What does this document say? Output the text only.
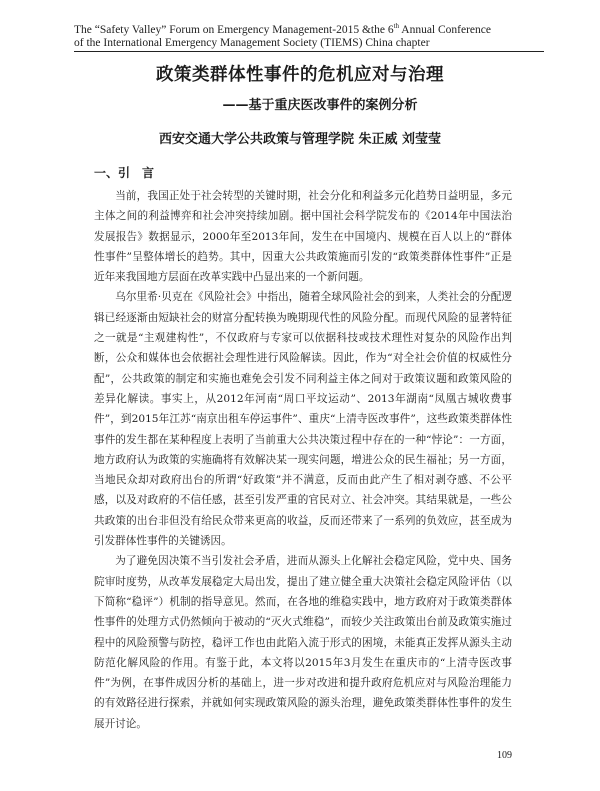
The “Safety Valley” Forum on Emergency Management-2015 &the 6th Annual Conference
of the International Emergency Management Society (TIEMS) China chapter
政策类群体性事件的危机应对与治理
——基于重庆医改事件的案例分析
西安交通大学公共政策与管理学院 朱正威 刘莹莹
一、引　言

当前，我国正处于社会转型的关键时期，社会分化和利益多元化趋势日益明显，多元主体之间的利益博弈和社会冲突持续加剧。据中国社会科学院发布的《2014年中国法治发展报告》数据显示，2000年至2013年间，发生在中国境内、规模在百人以上的“群体性事件”呈整体增长的趋势。其中，因重大公共政策施而引发的“政策类群体性事件”正是近年来我国地方层面在改革实践中凸显出来的一个新问题。

乌尔里希·贝克在《风险社会》中指出，随着全球风险社会的到来，人类社会的分配逻辑已经逐渐由短缺社会的财富分配转换为晚期现代性的风险分配。而现代风险的显著特征之一就是“主观建构性”，不仅政府与专家可以依据科技或技术理性对复杂的风险作出判断，公众和媒体也会依据社会理性进行风险解读。因此，作为“对全社会价值的权威性分配”，公共政策的制定和实施也难免会引发不同利益主体之间对于政策议题和政策风险的差异化解读。事实上，从2012年河南“周口平坟运动”、2013年湖南“凤凰古城收费事件”，到2015年江苏“南京出租车停运事件”、重庆“上清寺医改事件”，这些政策类群体性事件的发生都在某种程度上表明了当前重大公共决策过程中存在的一种“悖论”：一方面，地方政府认为政策的实施确将有效解决某一现实问题，增进公众的民生福祉；另一方面，当地民众却对政府出台的所谓“好政策”并不满意，反而由此产生了相对剥夺感、不公平感，以及对政府的不信任感，甚至引发严重的官民对立、社会冲突。其结果就是，一些公共政策的出台非但没有给民众带来更高的收益，反而还带来了一系列的负效应，甚至成为引发群体性事件的关键诱因。

为了避免因决策不当引发社会矛盾，进而从源头上化解社会稳定风险，党中央、国务院审时度势，从改革发展稳定大局出发，提出了建立健全重大决策社会稳定风险评估（以下简称“稳评”）机制的指导意见。然而，在各地的维稳实践中，地方政府对于政策类群体性事件的处理方式仍然倾向于被动的“灭火式维稳”，而较少关注政策出台前及政策实施过程中的风险预警与防控，稳评工作也由此陷入流于形式的困境，未能真正发挥从源头主动防范化解风险的作用。有鉴于此，本文将以2015年3月发生在重庆市的“上清寺医改事件”为例，在事件成因分析的基础上，进一步对改进和提升政府危机应对与风险治理能力的有效路径进行探索，并就如何实现政策风险的源头治理，避免政策类群体性事件的发生展开讨论。

109
